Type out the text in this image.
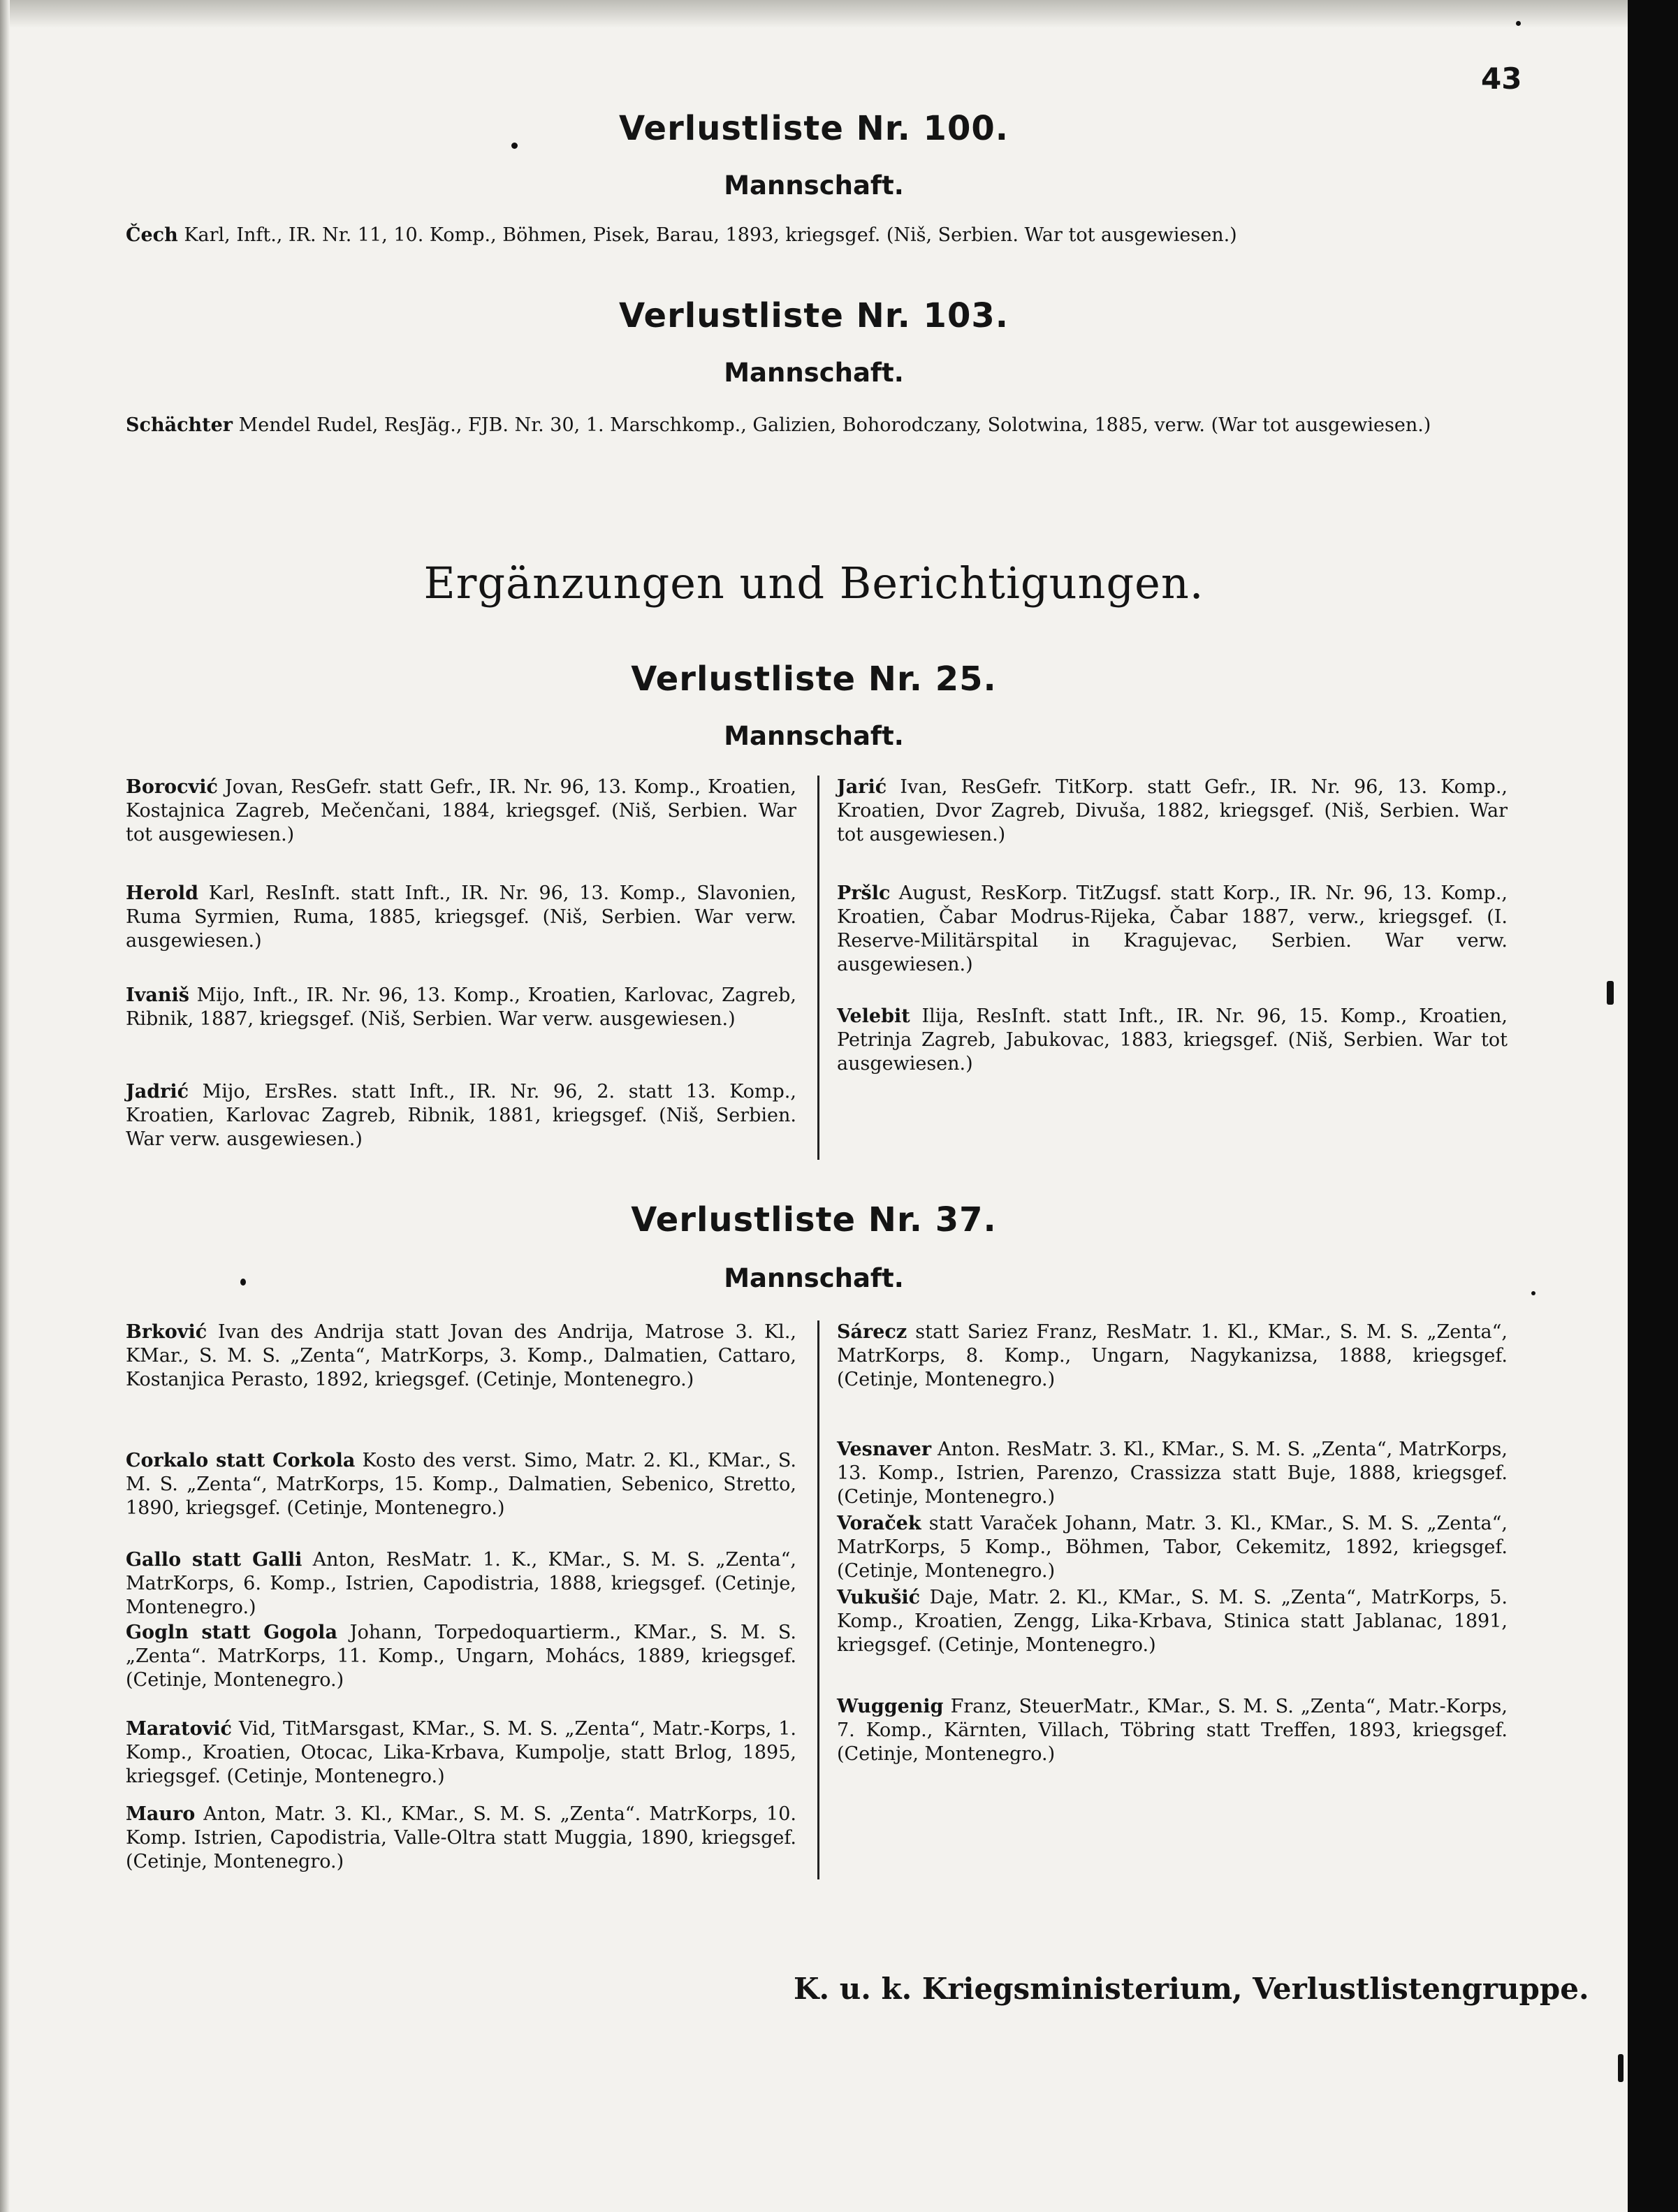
43
Verlustliste Nr. 100.
Mannschaft.
Čech Karl, Inft., IR. Nr. 11, 10. Komp., Böhmen, Pisek, Barau, 1893, kriegsgef. (Niš, Serbien. War tot ausgewiesen.)
Verlustliste Nr. 103.
Mannschaft.
Schächter Mendel Rudel, ResJäg., FJB. Nr. 30, 1. Marschkomp., Galizien, Bohorodczany, Solotwina, 1885, verw. (War tot ausgewiesen.)
Ergänzungen und Berichtigungen.
Verlustliste Nr. 25.
Mannschaft.
Borocvić Jovan, ResGefr. statt Gefr., IR. Nr. 96, 13. Komp., Kroatien, Kostajnica Zagreb, Mečenčani, 1884, kriegsgef. (Niš, Serbien. War tot ausgewiesen.)
Herold Karl, ResInft. statt Inft., IR. Nr. 96, 13. Komp., Slavonien, Ruma Syrmien, Ruma, 1885, kriegsgef. (Niš, Serbien. War verw. ausgewiesen.)
Ivaniš Mijo, Inft., IR. Nr. 96, 13. Komp., Kroatien, Karlovac, Zagreb, Ribnik, 1887, kriegsgef. (Niš, Serbien. War verw. ausgewiesen.)
Jadrić Mijo, ErsRes. statt Inft., IR. Nr. 96, 2. statt 13. Komp., Kroatien, Karlovac Zagreb, Ribnik, 1881, kriegsgef. (Niš, Serbien. War verw. ausgewiesen.)
Jarić Ivan, ResGefr. TitKorp. statt Gefr., IR. Nr. 96, 13. Komp., Kroatien, Dvor Zagreb, Divuša, 1882, kriegsgef. (Niš, Serbien. War tot ausgewiesen.)
Pršlc August, ResKorp. TitZugsf. statt Korp., IR. Nr. 96, 13. Komp., Kroatien, Čabar Modrus-Rijeka, Čabar 1887, verw., kriegsgef. (I. Reserve-Militärspital in Kragujevac, Serbien. War verw. ausgewiesen.)
Velebit Ilija, ResInft. statt Inft., IR. Nr. 96, 15. Komp., Kroatien, Petrinja Zagreb, Jabukovac, 1883, kriegsgef. (Niš, Serbien. War tot ausgewiesen.)
Verlustliste Nr. 37.
Mannschaft.
Brković Ivan des Andrija statt Jovan des Andrija, Matrose 3. Kl., KMar., S. M. S. „Zenta“, MatrKorps, 3. Komp., Dalmatien, Cattaro, Kostanjica Perasto, 1892, kriegsgef. (Cetinje, Montenegro.)
Corkalo statt Corkola Kosto des verst. Simo, Matr. 2. Kl., KMar., S. M. S. „Zenta“, MatrKorps, 15. Komp., Dalmatien, Sebenico, Stretto, 1890, kriegsgef. (Cetinje, Montenegro.)
Gallo statt Galli Anton, ResMatr. 1. K., KMar., S. M. S. „Zenta“, MatrKorps, 6. Komp., Istrien, Capodistria, 1888, kriegsgef. (Cetinje, Montenegro.)
Gogln statt Gogola Johann, Torpedoquartierm., KMar., S. M. S. „Zenta“. MatrKorps, 11. Komp., Ungarn, Mohács, 1889, kriegsgef. (Cetinje, Montenegro.)
Maratović Vid, TitMarsgast, KMar., S. M. S. „Zenta“, Matr.-Korps, 1. Komp., Kroatien, Otocac, Lika-Krbava, Kumpolje, statt Brlog, 1895, kriegsgef. (Cetinje, Montenegro.)
Mauro Anton, Matr. 3. Kl., KMar., S. M. S. „Zenta“. MatrKorps, 10. Komp. Istrien, Capodistria, Valle-Oltra statt Muggia, 1890, kriegsgef. (Cetinje, Montenegro.)
Sárecz statt Sariez Franz, ResMatr. 1. Kl., KMar., S. M. S. „Zenta“, MatrKorps, 8. Komp., Ungarn, Nagykanizsa, 1888, kriegsgef. (Cetinje, Montenegro.)
Vesnaver Anton. ResMatr. 3. Kl., KMar., S. M. S. „Zenta“, MatrKorps, 13. Komp., Istrien, Parenzo, Crassizza statt Buje, 1888, kriegsgef. (Cetinje, Montenegro.)
Voraček statt Varaček Johann, Matr. 3. Kl., KMar., S. M. S. „Zenta“, MatrKorps, 5 Komp., Böhmen, Tabor, Cekemitz, 1892, kriegsgef. (Cetinje, Montenegro.)
Vukušić Daje, Matr. 2. Kl., KMar., S. M. S. „Zenta“, MatrKorps, 5. Komp., Kroatien, Zengg, Lika-Krbava, Stinica statt Jablanac, 1891, kriegsgef. (Cetinje, Montenegro.)
Wuggenig Franz, SteuerMatr., KMar., S. M. S. „Zenta“, Matr.-Korps, 7. Komp., Kärnten, Villach, Töbring statt Treffen, 1893, kriegsgef. (Cetinje, Montenegro.)
K. u. k. Kriegsministerium, Verlustlistengruppe.
